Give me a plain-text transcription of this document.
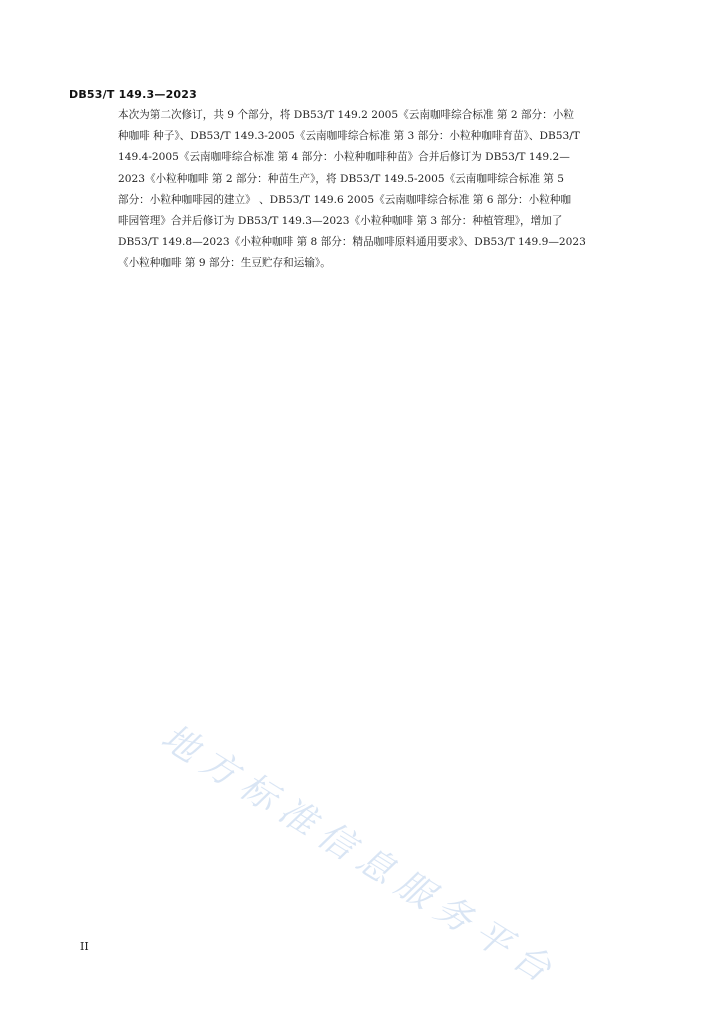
DB53/T 149.3—2023
本次为第二次修订，共 9 个部分，将 DB53/T 149.2 2005《云南咖啡综合标准 第 2 部分：小粒
种咖啡 种子》、DB53/T 149.3-2005《云南咖啡综合标准 第 3 部分：小粒种咖啡育苗》、DB53/T
149.4-2005《云南咖啡综合标准 第 4 部分：小粒种咖啡种苗》合并后修订为 DB53/T 149.2—
2023《小粒种咖啡 第 2 部分：种苗生产》，将 DB53/T 149.5-2005《云南咖啡综合标准 第 5
部分：小粒种咖啡园的建立》 、DB53/T 149.6 2005《云南咖啡综合标准 第 6 部分：小粒种咖
啡园管理》合并后修订为 DB53/T 149.3—2023《小粒种咖啡 第 3 部分：种植管理》，增加了
DB53/T 149.8—2023《小粒种咖啡 第 8 部分：精品咖啡原料通用要求》、DB53/T 149.9—2023
《小粒种咖啡 第 9 部分：生豆贮存和运输》。
地方标准信息服务平台
II
